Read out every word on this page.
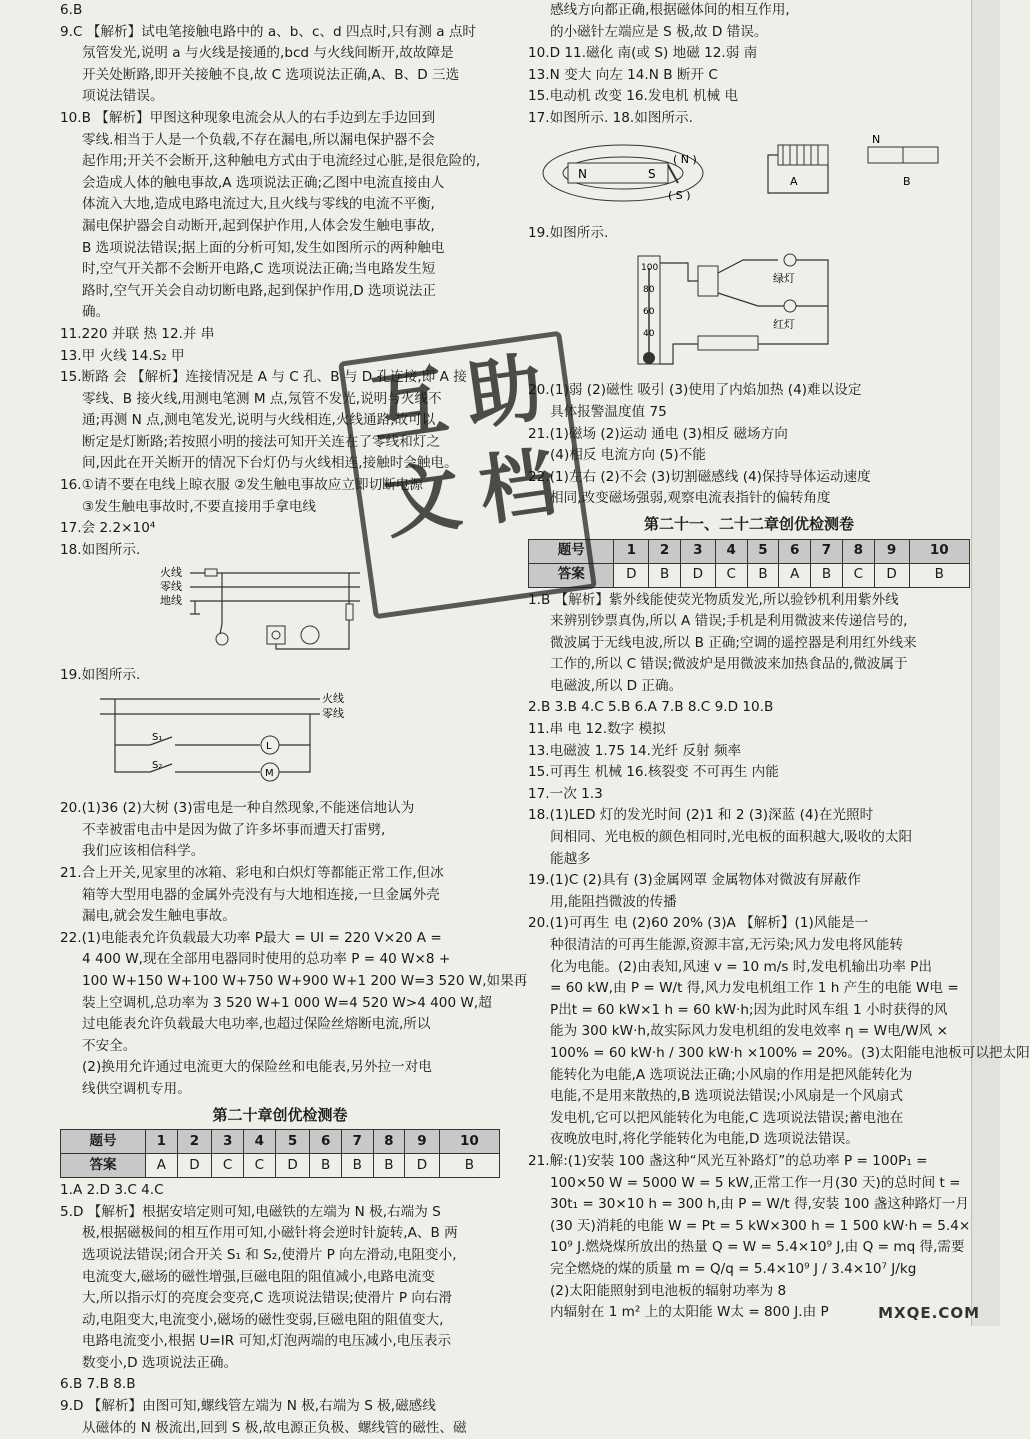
6.B
9.C 【解析】试电笔接触电路中的 a、b、c、d 四点时,只有测 a 点时
氖管发光,说明 a 与火线是接通的,bcd 与火线间断开,故故障是
开关处断路,即开关接触不良,故 C 选项说法正确,A、B、D 三选
项说法错误。
10.B 【解析】甲图这种现象电流会从人的右手边到左手边回到
零线.相当于人是一个负载,不存在漏电,所以漏电保护器不会
起作用;开关不会断开,这种触电方式由于电流经过心脏,是很危险的,
会造成人体的触电事故,A 选项说法正确;乙图中电流直接由人
体流入大地,造成电路电流过大,且火线与零线的电流不平衡,
漏电保护器会自动断开,起到保护作用,人体会发生触电事故,
B 选项说法错误;据上面的分析可知,发生如图所示的两种触电
时,空气开关都不会断开电路,C 选项说法正确;当电路发生短
路时,空气开关会自动切断电路,起到保护作用,D 选项说法正
确。
11.220 并联 热 12.并 串
13.甲 火线 14.S₂ 甲
15.断路 会 【解析】连接情况是 A 与 C 孔、B 与 D 孔连接,即 A 接
零线、B 接火线,用测电笔测 M 点,氖管不发光,说明与火线不
通;再测 N 点,测电笔发光,说明与火线相连,火线通路,故可以
断定是灯断路;若按照小明的接法可知开关连在了零线和灯之
间,因此在开关断开的情况下台灯仍与火线相连,接触时会触电。
16.①请不要在电线上晾衣服 ②发生触电事故应立即切断电源
③发生触电事故时,不要直接用手拿电线
17.会 2.2×10⁴
18.如图所示.
火线
零线
地线
19.如图所示.
火线
零线
S₁
L
S₂
M
20.(1)36 (2)大树 (3)雷电是一种自然现象,不能迷信地认为
不幸被雷电击中是因为做了许多坏事而遭天打雷劈,
我们应该相信科学。
21.合上开关,见家里的冰箱、彩电和白炽灯等都能正常工作,但冰
箱等大型用电器的金属外壳没有与大地相连接,一旦金属外壳
漏电,就会发生触电事故。
22.(1)电能表允许负载最大功率 P最大 = UI = 220 V×20 A =
4 400 W,现在全部用电器同时使用的总功率 P = 40 W×8 +
100 W+150 W+100 W+750 W+900 W+1 200 W=3 520 W,如果再
装上空调机,总功率为 3 520 W+1 000 W=4 520 W>4 400 W,超
过电能表允许负载最大电功率,也超过保险丝熔断电流,所以
不安全。
(2)换用允许通过电流更大的保险丝和电能表,另外拉一对电
线供空调机专用。
第二十章创优检测卷
题号	1	2	3	4	5	6	7	8	9	10
答案	A	D	C	C	D	B	B	B	D	B
1.A 2.D 3.C 4.C
5.D 【解析】根据安培定则可知,电磁铁的左端为 N 极,右端为 S
极,根据磁极间的相互作用可知,小磁针将会逆时针旋转,A、B 两
选项说法错误;闭合开关 S₁ 和 S₂,使滑片 P 向左滑动,电阻变小,
电流变大,磁场的磁性增强,巨磁电阻的阻值减小,电路电流变
大,所以指示灯的亮度会变亮,C 选项说法错误;使滑片 P 向右滑
动,电阻变大,电流变小,磁场的磁性变弱,巨磁电阻的阻值变大,
电路电流变小,根据 U=IR 可知,灯泡两端的电压减小,电压表示
数变小,D 选项说法正确。
6.B 7.B 8.B
9.D 【解析】由图可知,螺线管左端为 N 极,右端为 S 极,磁感线
从磁体的 N 极流出,回到 S 极,故电源正负极、螺线管的磁性、磁
感线方向都正确,根据磁体间的相互作用,
的小磁针左端应是 S 极,故 D 错误。
10.D 11.磁化 南(或 S) 地磁 12.弱 南
13.N 变大 向左 14.N B 断开 C
15.电动机 改变 16.发电机 机械 电
17.如图所示. 18.如图所示.
N	S
( N )
( S )
A
N
B
19.如图所示.
100
80
60
40
绿灯
红灯
20.(1)弱 (2)磁性 吸引 (3)使用了内焰加热 (4)难以设定
具体报警温度值 75
21.(1)磁场 (2)运动 通电 (3)相反 磁场方向
(4)相反 电流方向 (5)不能
22.(1)左右 (2)不会 (3)切割磁感线 (4)保持导体运动速度
相同,改变磁场强弱,观察电流表指针的偏转角度
第二十一、二十二章创优检测卷
题号	1	2	3	4	5	6	7	8	9	10
答案	D	B	D	C	B	A	B	C	D	B
1.B 【解析】紫外线能使荧光物质发光,所以验钞机利用紫外线
来辨别钞票真伪,所以 A 错误;手机是利用微波来传递信号的,
微波属于无线电波,所以 B 正确;空调的遥控器是利用红外线来
工作的,所以 C 错误;微波炉是用微波来加热食品的,微波属于
电磁波,所以 D 正确。
2.B 3.B 4.C 5.B 6.A 7.B 8.C 9.D 10.B
11.串 电 12.数字 模拟
13.电磁波 1.75 14.光纤 反射 频率
15.可再生 机械 16.核裂变 不可再生 内能
17.一次 1.3
18.(1)LED 灯的发光时间 (2)1 和 2 (3)深蓝 (4)在光照时
间相同、光电板的颜色相同时,光电板的面积越大,吸收的太阳
能越多
19.(1)C (2)具有 (3)金属网罩 金属物体对微波有屏蔽作
用,能阻挡微波的传播
20.(1)可再生 电 (2)60 20% (3)A 【解析】(1)风能是一
种很清洁的可再生能源,资源丰富,无污染;风力发电将风能转
化为电能。(2)由表知,风速 v = 10 m/s 时,发电机输出功率 P出
= 60 kW,由 P = W/t 得,风力发电机组工作 1 h 产生的电能 W电 =
P出t = 60 kW×1 h = 60 kW·h;因为此时风车组 1 小时获得的风
能为 300 kW·h,故实际风力发电机组的发电效率 η = W电/W风 ×
100% = 60 kW·h / 300 kW·h ×100% = 20%。(3)太阳能电池板可以把太阳
能转化为电能,A 选项说法正确;小风扇的作用是把风能转化为
电能,不是用来散热的,B 选项说法错误;小风扇是一个风扇式
发电机,它可以把风能转化为电能,C 选项说法错误;蓄电池在
夜晚放电时,将化学能转化为电能,D 选项说法错误。
21.解:(1)安装 100 盏这种“风光互补路灯”的总功率 P = 100P₁ =
100×50 W = 5000 W = 5 kW,正常工作一月(30 天)的总时间 t =
30t₁ = 30×10 h = 300 h,由 P = W/t 得,安装 100 盏这种路灯一月
(30 天)消耗的电能 W = Pt = 5 kW×300 h = 1 500 kW·h = 5.4×
10⁹ J.燃烧煤所放出的热量 Q = W = 5.4×10⁹ J,由 Q = mq 得,需要
完全燃烧的煤的质量 m = Q/q = 5.4×10⁹ J / 3.4×10⁷ J/kg
(2)太阳能照射到电池板的辐射功率为 8
内辐射在 1 m² 上的太阳能 W太 = 800 J.由 P
互助
文档
MXQE.COM
